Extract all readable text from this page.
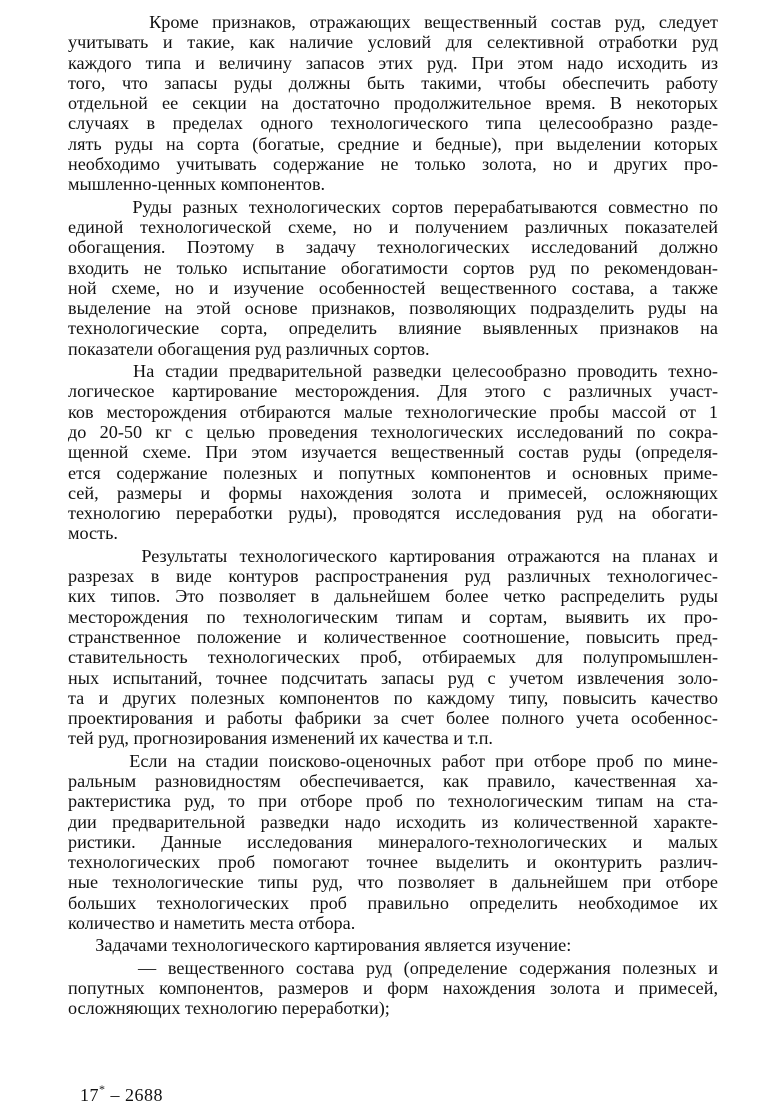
Кроме признаков, отражающих вещественный состав руд, следует
учитывать и такие, как наличие условий для селективной отработки руд
каждого типа и величину запасов этих руд. При этом надо исходить из
того, что запасы руды должны быть такими, чтобы обеспечить работу
отдельной ее секции на достаточно продолжительное время. В некоторых
случаях в пределах одного технологического типа целесообразно разде-
лять руды на сорта (богатые, средние и бедные), при выделении которых
необходимо учитывать содержание не только золота, но и других про-
мышленно-ценных компонентов.

Руды разных технологических сортов перерабатываются совместно по
единой технологической схеме, но и получением различных показателей
обогащения. Поэтому в задачу технологических исследований должно
входить не только испытание обогатимости сортов руд по рекомендован-
ной схеме, но и изучение особенностей вещественного состава, а также
выделение на этой основе признаков, позволяющих подразделить руды на
технологические сорта, определить влияние выявленных признаков на
показатели обогащения руд различных сортов.

На стадии предварительной разведки целесообразно проводить техно-
логическое картирование месторождения. Для этого с различных участ-
ков месторождения отбираются малые технологические пробы массой от 1
до 20-50 кг с целью проведения технологических исследований по сокра-
щенной схеме. При этом изучается вещественный состав руды (определя-
ется содержание полезных и попутных компонентов и основных приме-
сей, размеры и формы нахождения золота и примесей, осложняющих
технологию переработки руды), проводятся исследования руд на обогати-
мость.

Результаты технологического картирования отражаются на планах и
разрезах в виде контуров распространения руд различных технологичес-
ких типов. Это позволяет в дальнейшем более четко распределить руды
месторождения по технологическим типам и сортам, выявить их про-
странственное положение и количественное соотношение, повысить пред-
ставительность технологических проб, отбираемых для полупромышлен-
ных испытаний, точнее подсчитать запасы руд с учетом извлечения золо-
та и других полезных компонентов по каждому типу, повысить качество
проектирования и работы фабрики за счет более полного учета особеннос-
тей руд, прогнозирования изменений их качества и т.п.

Если на стадии поисково-оценочных работ при отборе проб по мине-
ральным разновидностям обеспечивается, как правило, качественная ха-
рактеристика руд, то при отборе проб по технологическим типам на ста-
дии предварительной разведки надо исходить из количественной характе-
ристики. Данные исследования минералого-технологических и малых
технологических проб помогают точнее выделить и оконтурить различ-
ные технологические типы руд, что позволяет в дальнейшем при отборе
больших технологических проб правильно определить необходимое их
количество и наметить места отбора.

Задачами технологического картирования является изучение:

— вещественного состава руд (определение содержания полезных и
попутных компонентов, размеров и форм нахождения золота и примесей,
осложняющих технологию переработки);

17* – 2688
